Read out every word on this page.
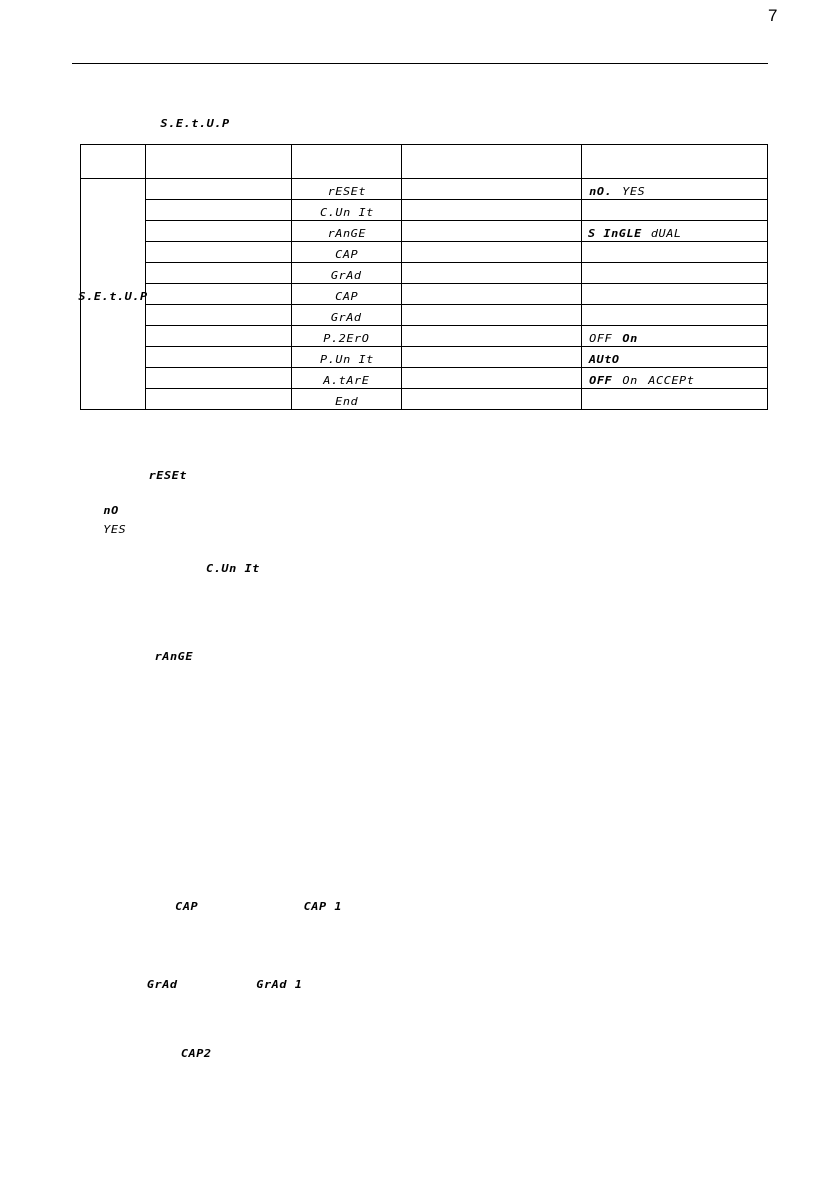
7
S.E.t.U.P

S.E.t.U.P		rESEt		nO. YES
		C.Un It		
		rAnGE		S InGLE dUAL
		CAP		
		GrAd		
		CAP		
		GrAd		
		P.2ErO		OFF On
		P.Un It		AUtO
		A.tArE		OFF On ACCEPt
		End		
rESEt
nO
YES
C.Un It
rAnGE
CAP	CAP 1
GrAd	GrAd 1
CAP2
